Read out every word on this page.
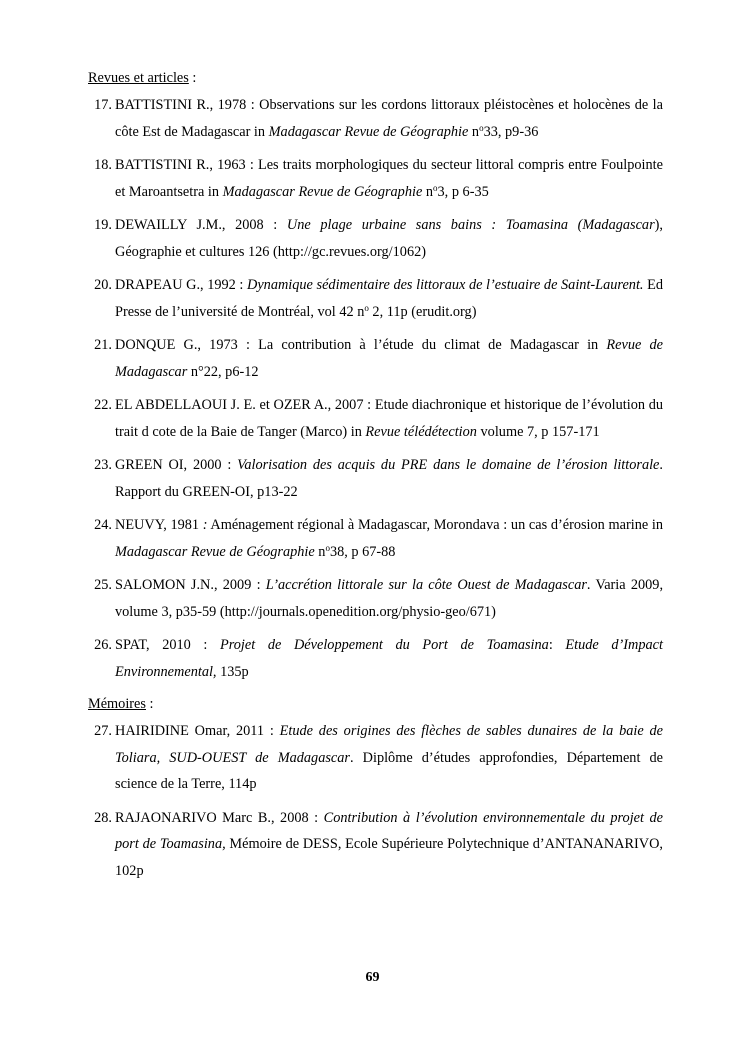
Revues et articles :
17. BATTISTINI R., 1978 : Observations sur les cordons littoraux pléistocènes et holocènes de la côte Est de Madagascar in Madagascar Revue de Géographie $n^o33$, p9-36
18. BATTISTINI R., 1963 : Les traits morphologiques du secteur littoral compris entre Foulpointe et Maroantsetra in Madagascar Revue de Géographie $n^o3$, p 6-35
19. DEWAILLY J.M., 2008 : Une plage urbaine sans bains : Toamasina (Madagascar), Géographie et cultures 126 (http://gc.revues.org/1062)
20. DRAPEAU G., 1992 : Dynamique sédimentaire des littoraux de l’estuaire de Saint-Laurent. Ed Presse de l’université de Montréal, vol 42 $n^o$ 2, 11p (erudit.org)
21. DONQUE G., 1973 : La contribution à l’étude du climat de Madagascar in Revue de Madagascar n°22, p6-12
22. EL ABDELLAOUI J. E. et OZER A., 2007 : Etude diachronique et historique de l’évolution du trait d cote de la Baie de Tanger (Marco) in Revue télédétection volume 7, p 157-171
23. GREEN OI, 2000 : Valorisation des acquis du PRE dans le domaine de l’érosion littorale. Rapport du GREEN-OI, p13-22
24. NEUVY, 1981 : Aménagement régional à Madagascar, Morondava : un cas d’érosion marine in Madagascar Revue de Géographie $n^o38$, p 67-88
25. SALOMON J.N., 2009 : L’accrétion littorale sur la côte Ouest de Madagascar. Varia 2009, volume 3, p35-59 (http://journals.openedition.org/physio-geo/671)
26. SPAT, 2010 : Projet de Développement du Port de Toamasina: Etude d’Impact Environnemental, 135p
Mémoires :
27. HAIRIDINE Omar, 2011 : Etude des origines des flèches de sables dunaires de la baie de Toliara, SUD-OUEST de Madagascar. Diplôme d’études approfondies, Département de science de la Terre, 114p
28. RAJAONARIVO Marc B., 2008 : Contribution à l’évolution environnementale du projet de port de Toamasina, Mémoire de DESS, Ecole Supérieure Polytechnique d’ANTANANARIVO, 102p
69
